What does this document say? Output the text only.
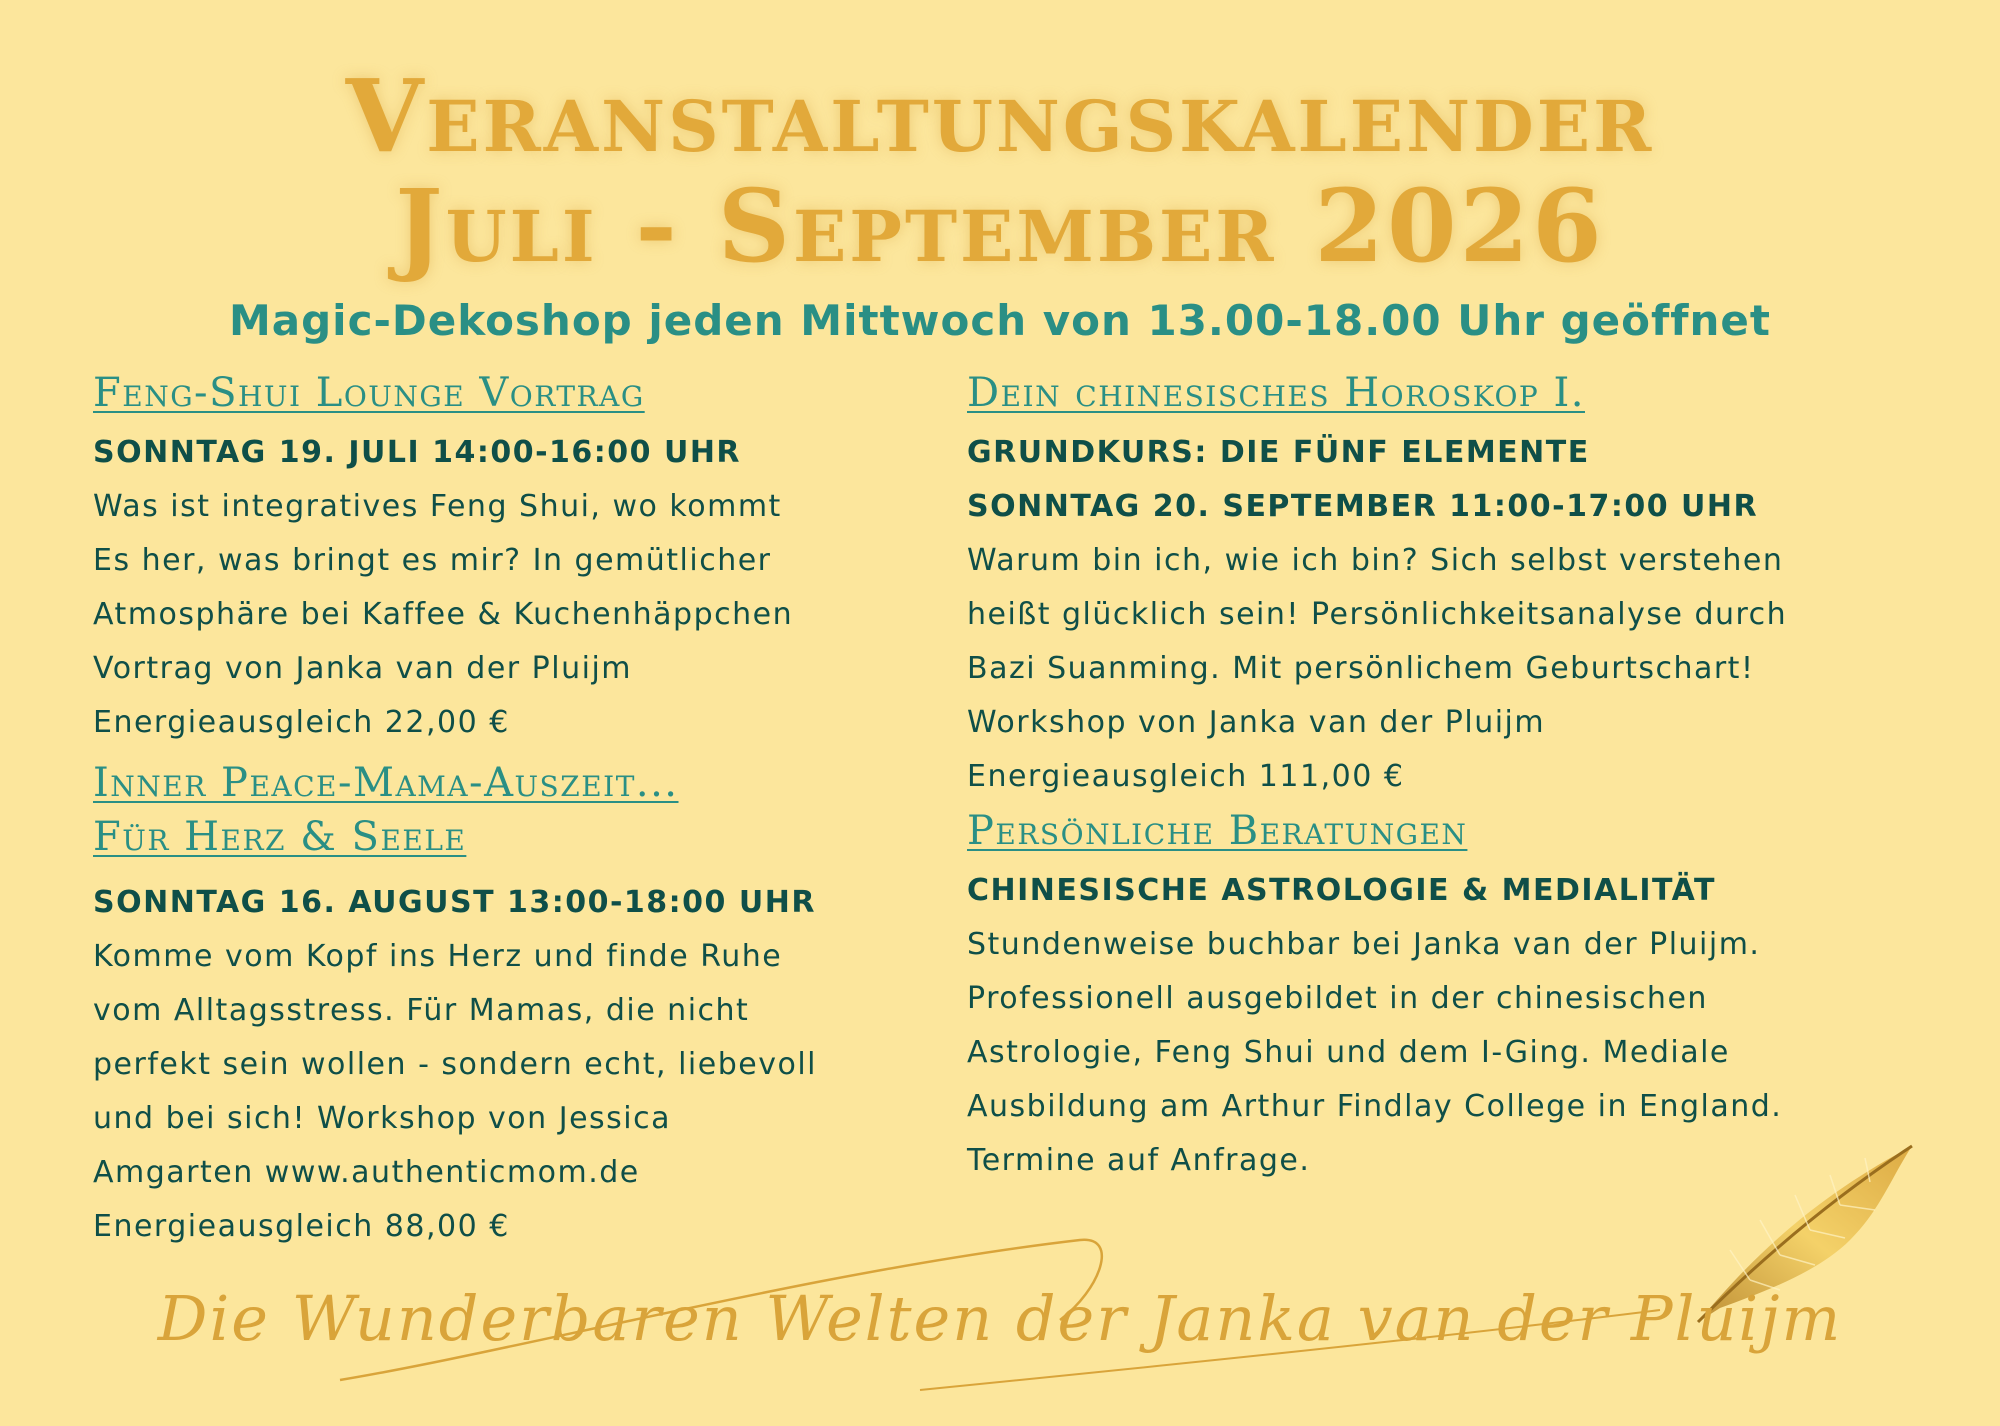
Veranstaltungskalender
Juli - September 2026

Magic-Dekoshop jeden Mittwoch von 13.00-18.00 Uhr geöffnet

Feng-Shui Lounge Vortrag

SONNTAG 19. JULI 14:00-16:00 UHR

Was ist integratives Feng Shui, wo kommt

Es her, was bringt es mir? In gemütlicher

Atmosphäre bei Kaffee & Kuchenhäppchen

Vortrag von Janka van der Pluijm

Energieausgleich 22,00 €

Inner Peace-Mama-Auszeit...

Für Herz & Seele

SONNTAG 16. AUGUST 13:00-18:00 UHR

Komme vom Kopf ins Herz und finde Ruhe

vom Alltagsstress. Für Mamas, die nicht

perfekt sein wollen - sondern echt, liebevoll

und bei sich! Workshop von Jessica

Amgarten www.authenticmom.de

Energieausgleich 88,00 €

Dein chinesisches Horoskop I.

GRUNDKURS: DIE FÜNF ELEMENTE

SONNTAG 20. SEPTEMBER 11:00-17:00 UHR

Warum bin ich, wie ich bin? Sich selbst verstehen

heißt glücklich sein! Persönlichkeitsanalyse durch

Bazi Suanming. Mit persönlichem Geburtschart!

Workshop von Janka van der Pluijm

Energieausgleich 111,00 €

Persönliche Beratungen

CHINESISCHE ASTROLOGIE & MEDIALITÄT

Stundenweise buchbar bei Janka van der Pluijm.

Professionell ausgebildet in der chinesischen

Astrologie, Feng Shui und dem I-Ging. Mediale

Ausbildung am Arthur Findlay College in England.

Termine auf Anfrage.

Die Wunderbaren Welten der Janka van der Pluijm
